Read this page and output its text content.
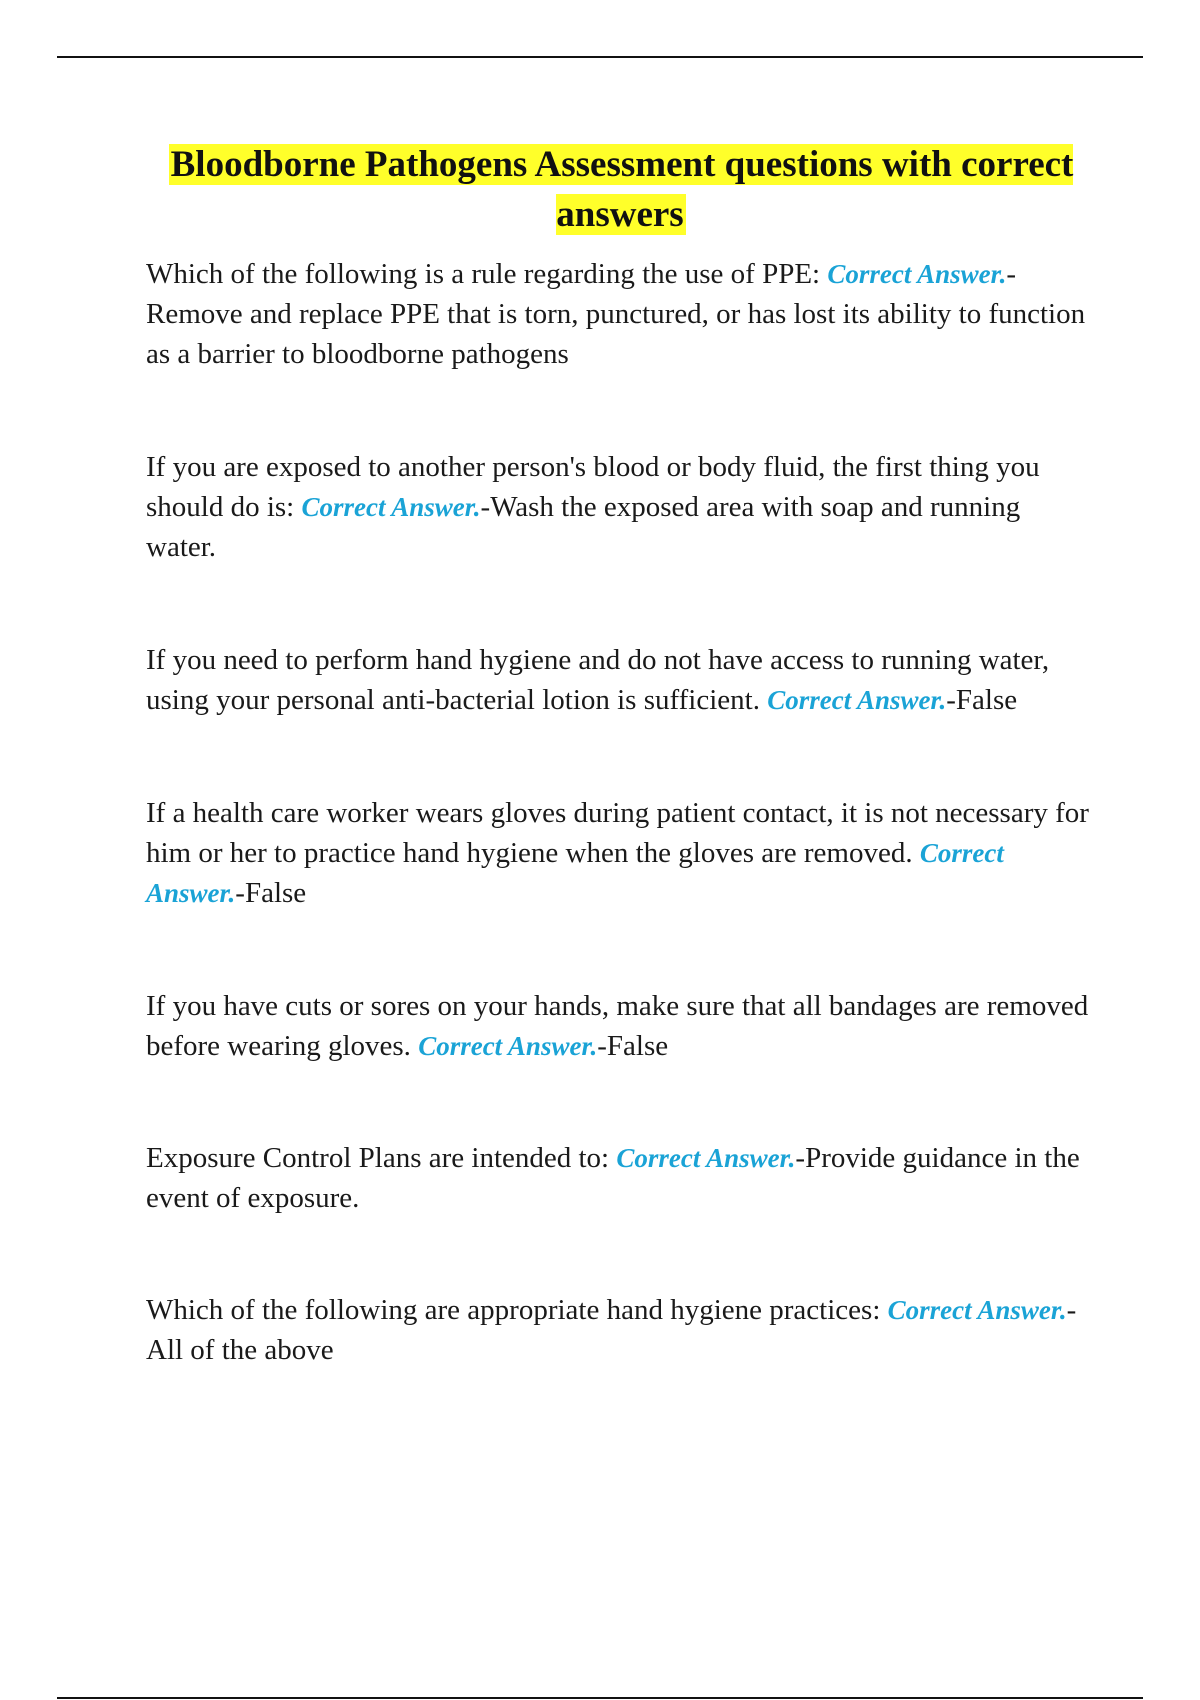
Bloodborne Pathogens Assessment questions with correct answers

Which of the following is a rule regarding the use of PPE: Correct Answer.-Remove and replace PPE that is torn, punctured, or has lost its ability to function as a barrier to bloodborne pathogens

If you are exposed to another person's blood or body fluid, the first thing you should do is: Correct Answer.-Wash the exposed area with soap and running water.

If you need to perform hand hygiene and do not have access to running water, using your personal anti-bacterial lotion is sufficient. Correct Answer.-False

If a health care worker wears gloves during patient contact, it is not necessary for him or her to practice hand hygiene when the gloves are removed. Correct Answer.-False

If you have cuts or sores on your hands, make sure that all bandages are removed before wearing gloves. Correct Answer.-False

Exposure Control Plans are intended to: Correct Answer.-Provide guidance in the event of exposure.

Which of the following are appropriate hand hygiene practices: Correct Answer.-All of the above
